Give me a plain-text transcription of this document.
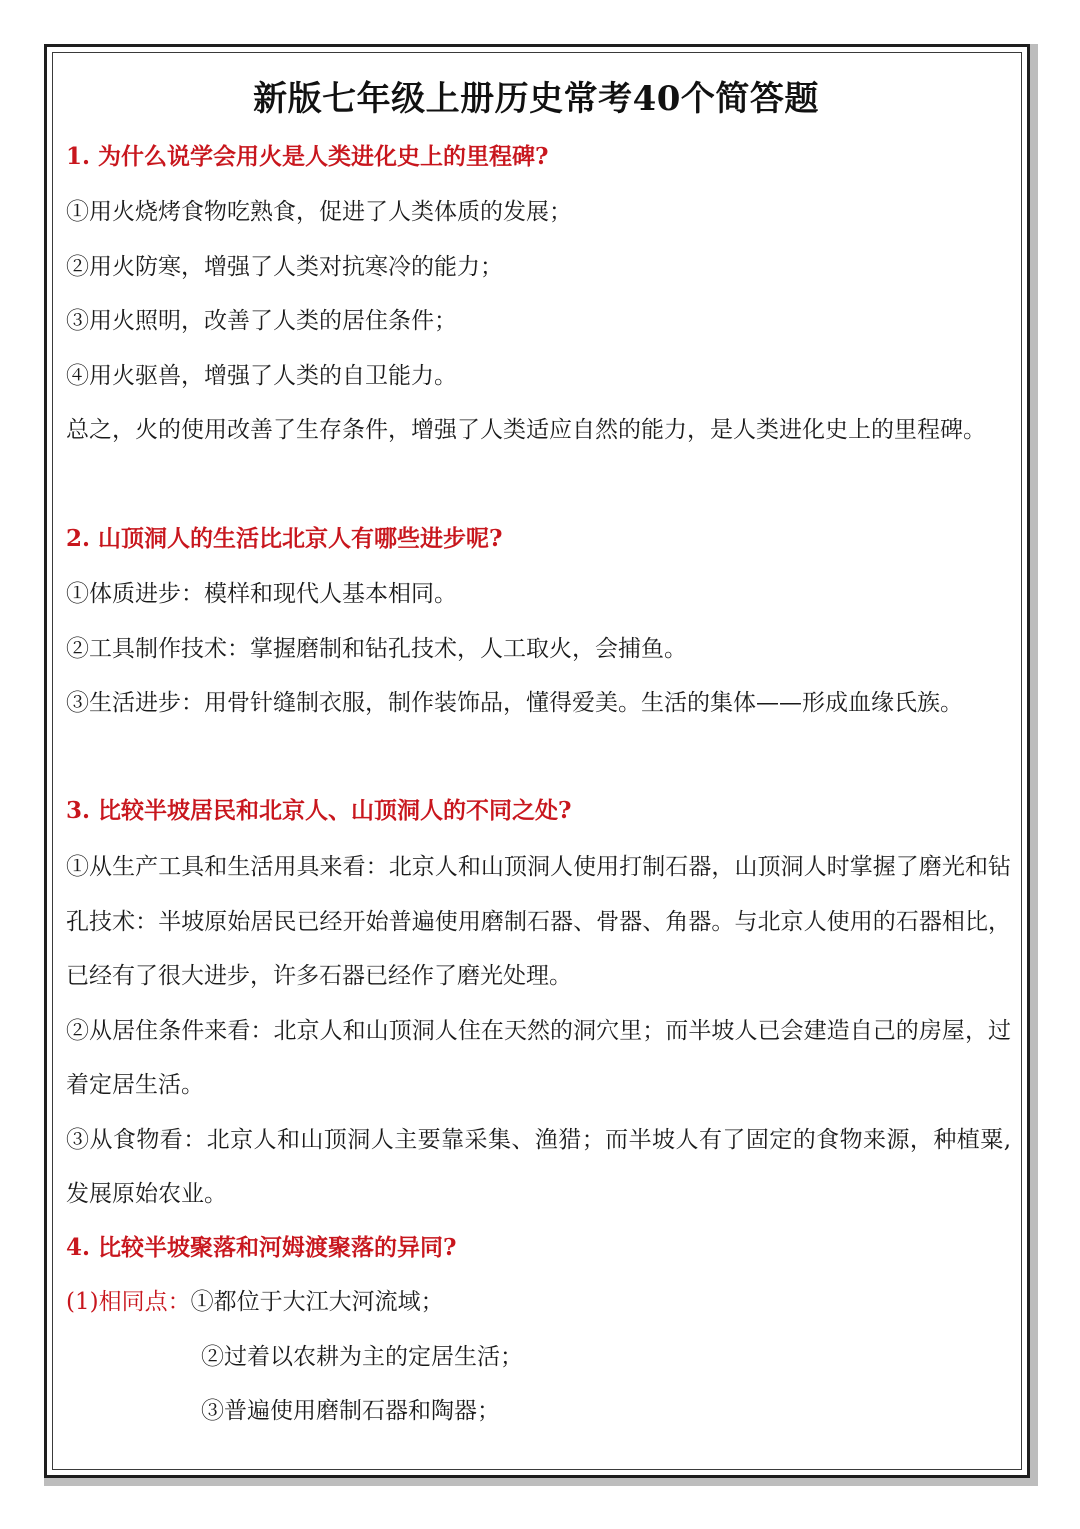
新版七年级上册历史常考40个简答题
1. 为什么说学会用火是人类进化史上的里程碑?
①用火烧烤食物吃熟食，促进了人类体质的发展；
②用火防寒，增强了人类对抗寒冷的能力；
③用火照明，改善了人类的居住条件；
④用火驱兽，增强了人类的自卫能力。
总之，火的使用改善了生存条件，增强了人类适应自然的能力，是人类进化史上的里程碑。
2. 山顶洞人的生活比北京人有哪些进步呢?
①体质进步：模样和现代人基本相同。
②工具制作技术：掌握磨制和钻孔技术，人工取火，会捕鱼。
③生活进步：用骨针缝制衣服，制作装饰品，懂得爱美。生活的集体——形成血缘氏族。
3. 比较半坡居民和北京人、山顶洞人的不同之处?
①从生产工具和生活用具来看：北京人和山顶洞人使用打制石器，山顶洞人时掌握了磨光和钻孔技术：半坡原始居民已经开始普遍使用磨制石器、骨器、角器。与北京人使用的石器相比，已经有了很大进步，许多石器已经作了磨光处理。
②从居住条件来看：北京人和山顶洞人住在天然的洞穴里；而半坡人已会建造自己的房屋，过着定居生活。
③从食物看：北京人和山顶洞人主要靠采集、渔猎；而半坡人有了固定的食物来源，种植粟,发展原始农业。
4. 比较半坡聚落和河姆渡聚落的异同?
(1)相同点：①都位于大江大河流域；
②过着以农耕为主的定居生活；
③普遍使用磨制石器和陶器；
